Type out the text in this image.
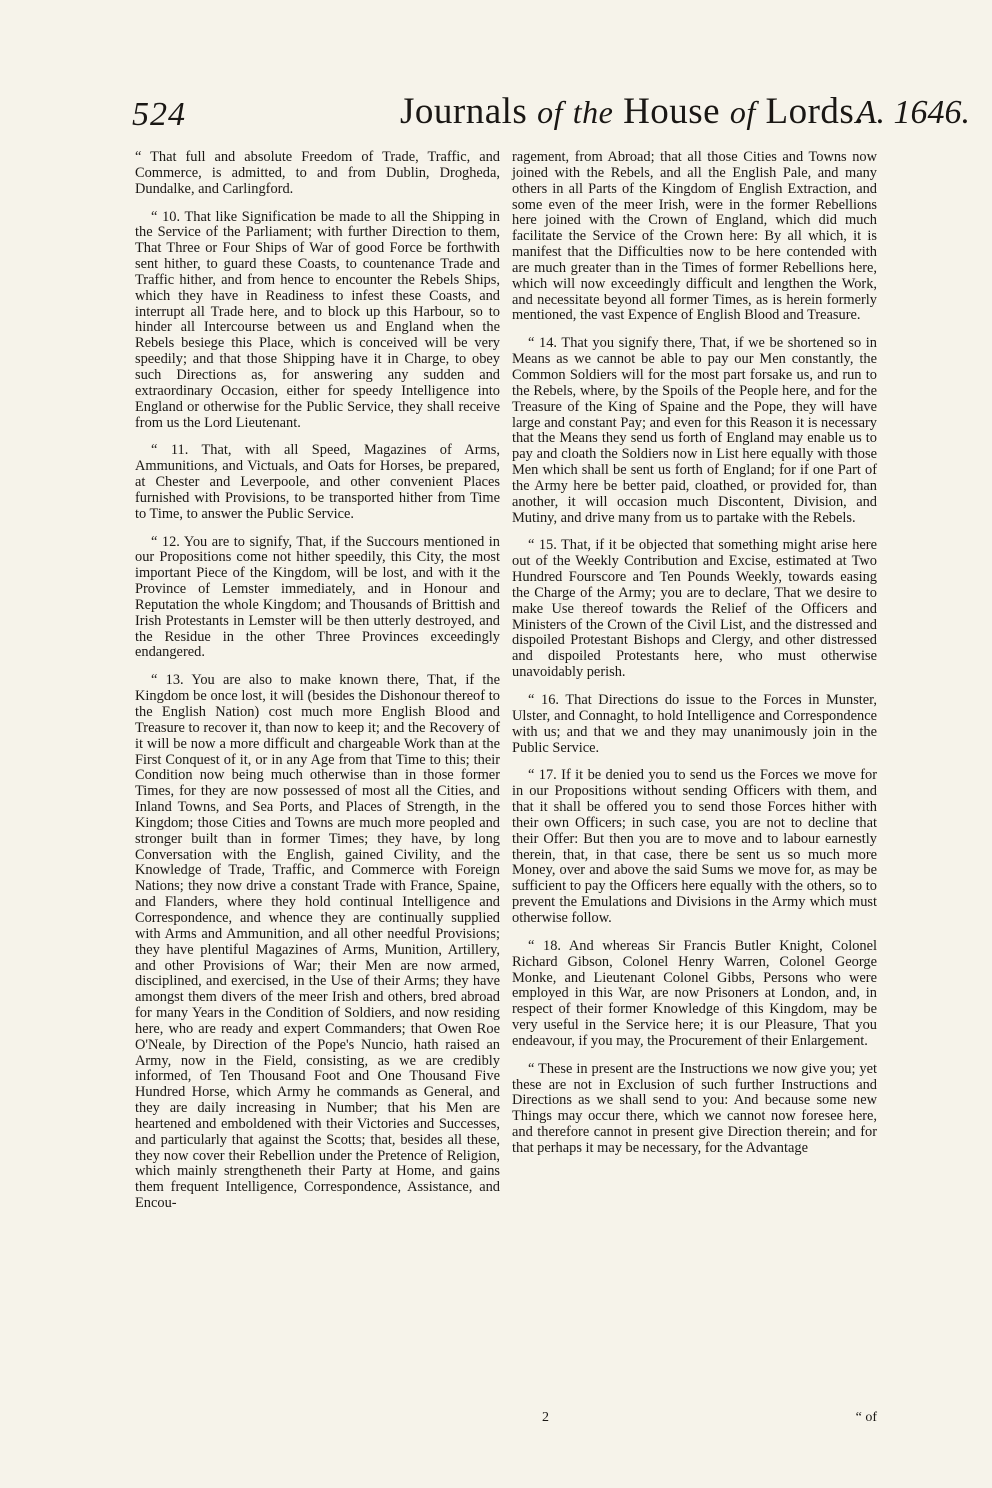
524	Journals of the House of Lords.
A. 1646.

“ That full and absolute Freedom of Trade, Traffic, and Commerce, is admitted, to and from Dublin, Drogheda, Dundalke, and Carlingford.

“ 10. That like Signification be made to all the Shipping in the Service of the Parliament; with further Direction to them, That Three or Four Ships of War of good Force be forthwith sent hither, to guard these Coasts, to countenance Trade and Traffic hither, and from hence to encounter the Rebels Ships, which they have in Readiness to infest these Coasts, and interrupt all Trade here, and to block up this Harbour, so to hinder all Intercourse between us and England when the Rebels besiege this Place, which is conceived will be very speedily; and that those Shipping have it in Charge, to obey such Directions as, for answering any sudden and extraordinary Occasion, either for speedy Intelligence into England or otherwise for the Public Service, they shall receive from us the Lord Lieutenant.

“ 11. That, with all Speed, Magazines of Arms, Ammunitions, and Victuals, and Oats for Horses, be prepared, at Chester and Leverpoole, and other convenient Places furnished with Provisions, to be transported hither from Time to Time, to answer the Public Service.

“ 12. You are to signify, That, if the Succours mentioned in our Propositions come not hither speedily, this City, the most important Piece of the Kingdom, will be lost, and with it the Province of Lemster immediately, and in Honour and Reputation the whole Kingdom; and Thousands of Brittish and Irish Protestants in Lemster will be then utterly destroyed, and the Residue in the other Three Provinces exceedingly endangered.

“ 13. You are also to make known there, That, if the Kingdom be once lost, it will (besides the Dishonour thereof to the English Nation) cost much more English Blood and Treasure to recover it, than now to keep it; and the Recovery of it will be now a more difficult and chargeable Work than at the First Conquest of it, or in any Age from that Time to this; their Condition now being much otherwise than in those former Times, for they are now possessed of most all the Cities, and Inland Towns, and Sea Ports, and Places of Strength, in the Kingdom; those Cities and Towns are much more peopled and stronger built than in former Times; they have, by long Conversation with the English, gained Civility, and the Knowledge of Trade, Traffic, and Commerce with Foreign Nations; they now drive a constant Trade with France, Spaine, and Flanders, where they hold continual Intelligence and Correspondence, and whence they are continually supplied with Arms and Ammunition, and all other needful Provisions; they have plentiful Magazines of Arms, Munition, Artillery, and other Provisions of War; their Men are now armed, disciplined, and exercised, in the Use of their Arms; they have amongst them divers of the meer Irish and others, bred abroad for many Years in the Condition of Soldiers, and now residing here, who are ready and expert Commanders; that Owen Roe O'Neale, by Direction of the Pope's Nuncio, hath raised an Army, now in the Field, consisting, as we are credibly informed, of Ten Thousand Foot and One Thousand Five Hundred Horse, which Army he commands as General, and they are daily increasing in Number; that his Men are heartened and emboldened with their Victories and Successes, and particularly that against the Scotts; that, besides all these, they now cover their Rebellion under the Pretence of Religion, which mainly strengtheneth their Party at Home, and gains them frequent Intelligence, Correspondence, Assistance, and Encou-

ragement, from Abroad; that all those Cities and Towns now joined with the Rebels, and all the English Pale, and many others in all Parts of the Kingdom of English Extraction, and some even of the meer Irish, were in the former Rebellions here joined with the Crown of England, which did much facilitate the Service of the Crown here: By all which, it is manifest that the Difficulties now to be here contended with are much greater than in the Times of former Rebellions here, which will now exceedingly difficult and lengthen the Work, and necessitate beyond all former Times, as is herein formerly mentioned, the vast Expence of English Blood and Treasure.

“ 14. That you signify there, That, if we be shortened so in Means as we cannot be able to pay our Men constantly, the Common Soldiers will for the most part forsake us, and run to the Rebels, where, by the Spoils of the People here, and for the Treasure of the King of Spaine and the Pope, they will have large and constant Pay; and even for this Reason it is necessary that the Means they send us forth of England may enable us to pay and cloath the Soldiers now in List here equally with those Men which shall be sent us forth of England; for if one Part of the Army here be better paid, cloathed, or provided for, than another, it will occasion much Discontent, Division, and Mutiny, and drive many from us to partake with the Rebels.

“ 15. That, if it be objected that something might arise here out of the Weekly Contribution and Excise, estimated at Two Hundred Fourscore and Ten Pounds Weekly, towards easing the Charge of the Army; you are to declare, That we desire to make Use thereof towards the Relief of the Officers and Ministers of the Crown of the Civil List, and the distressed and dispoiled Protestant Bishops and Clergy, and other distressed and dispoiled Protestants here, who must otherwise unavoidably perish.

“ 16. That Directions do issue to the Forces in Munster, Ulster, and Connaght, to hold Intelligence and Correspondence with us; and that we and they may unanimously join in the Public Service.

“ 17. If it be denied you to send us the Forces we move for in our Propositions without sending Officers with them, and that it shall be offered you to send those Forces hither with their own Officers; in such case, you are not to decline that their Offer: But then you are to move and to labour earnestly therein, that, in that case, there be sent us so much more Money, over and above the said Sums we move for, as may be sufficient to pay the Officers here equally with the others, so to prevent the Emulations and Divisions in the Army which must otherwise follow.

“ 18. And whereas Sir Francis Butler Knight, Colonel Richard Gibson, Colonel Henry Warren, Colonel George Monke, and Lieutenant Colonel Gibbs, Persons who were employed in this War, are now Prisoners at London, and, in respect of their former Knowledge of this Kingdom, may be very useful in the Service here; it is our Pleasure, That you endeavour, if you may, the Procurement of their Enlargement.

“ These in present are the Instructions we now give you; yet these are not in Exclusion of such further Instructions and Directions as we shall send to you: And because some new Things may occur there, which we cannot now foresee here, and therefore cannot in present give Direction therein; and for that perhaps it may be necessary, for the Advantage

2	“ of
